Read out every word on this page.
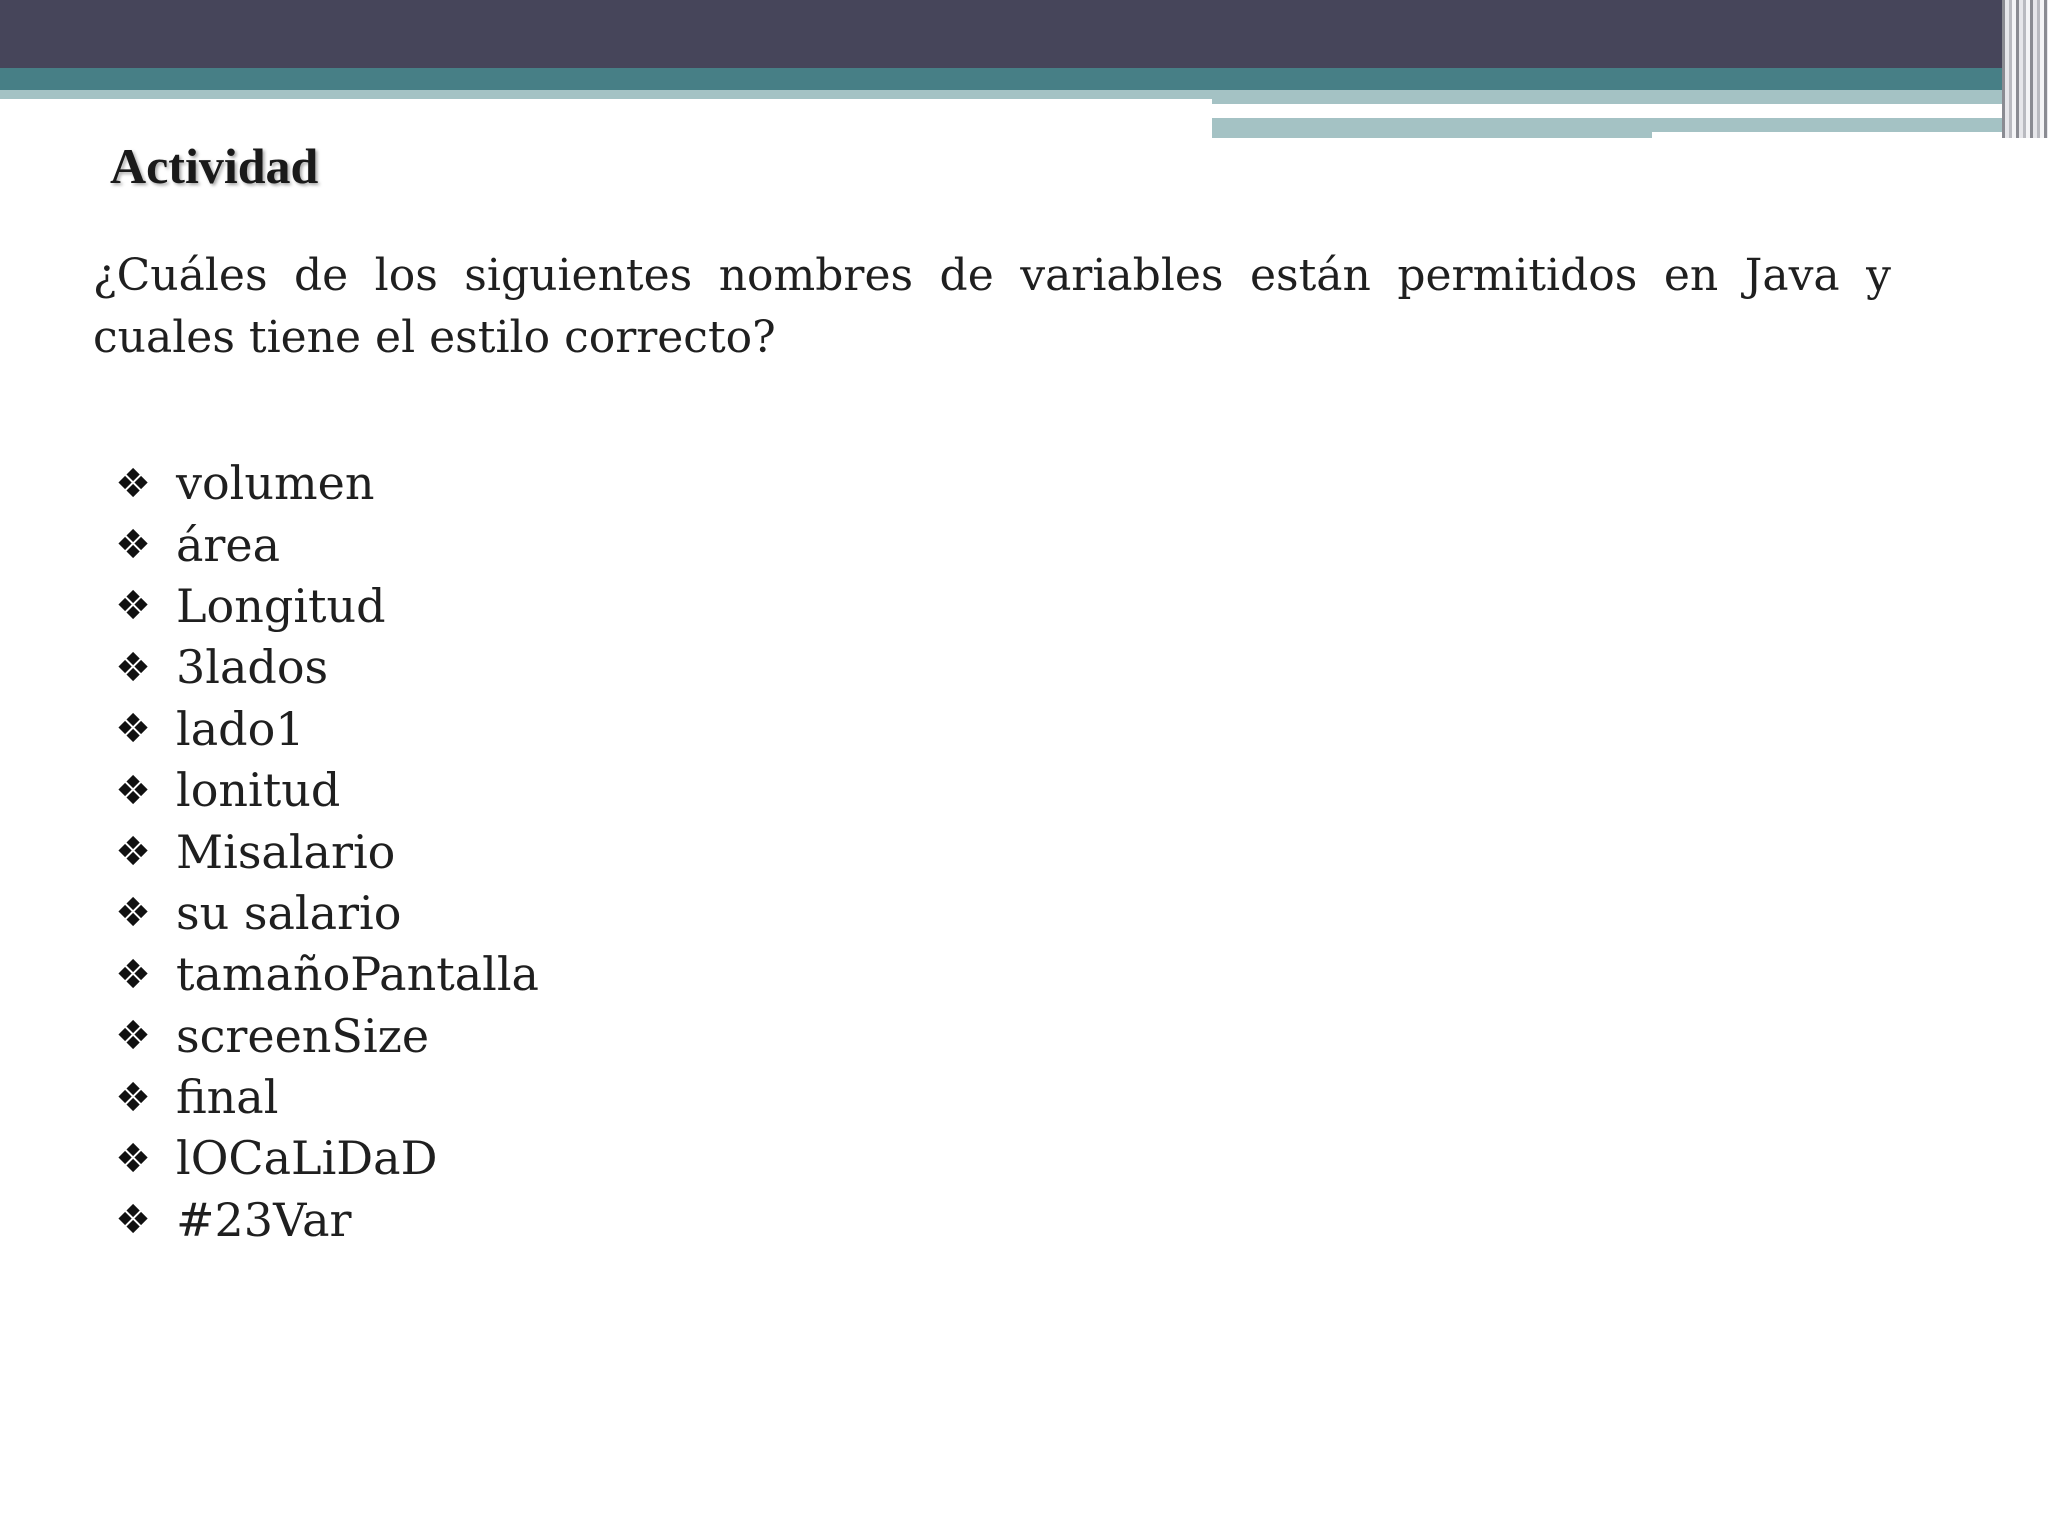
Actividad

¿Cuáles de los siguientes nombres de variables están permitidos en Java y cuales tiene el estilo correcto?

❖ volumen
❖ área
❖ Longitud
❖ 3lados
❖ lado1
❖ lonitud
❖ Misalario
❖ su salario
❖ tamañoPantalla
❖ screenSize
❖ final
❖ lOCaLiDaD
❖ #23Var
